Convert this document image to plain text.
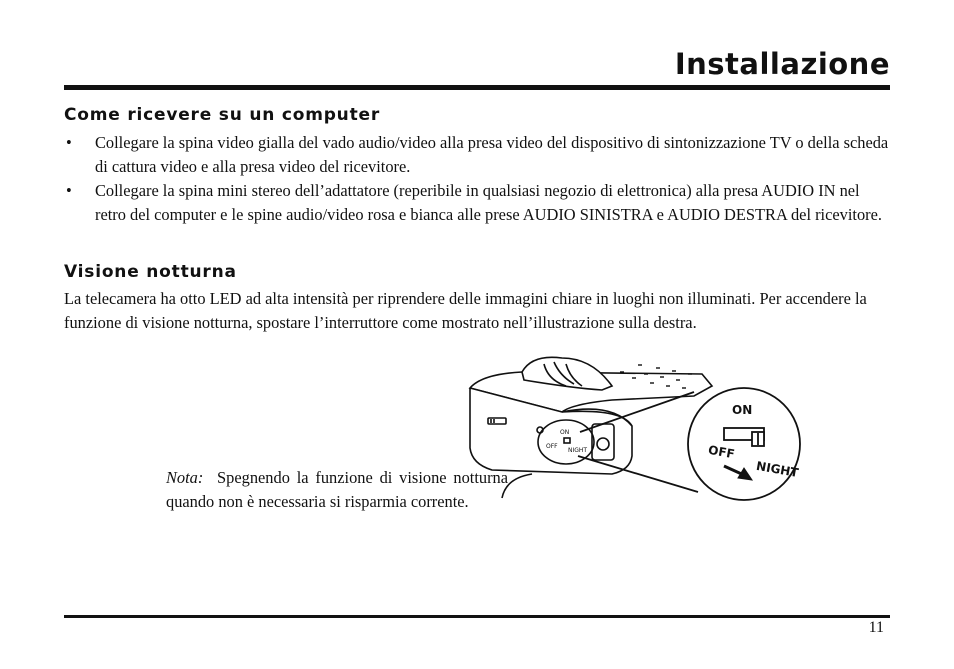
Installazione
Come ricevere su un computer
• Collegare la spina video gialla del vado audio/video alla presa video del dispositivo di sintonizzazione TV o della scheda di cattura video e alla presa video del ricevitore.
• Collegare la spina mini stereo dell’adattatore (reperibile in qualsiasi negozio di elettronica) alla presa AUDIO IN nel retro del computer e le spine audio/video rosa e bianca alle prese AUDIO SINISTRA e AUDIO DESTRA del ricevitore.
Visione notturna

La telecamera ha otto LED ad alta intensità per riprendere delle immagini chiare in luoghi non illuminati. Per accendere la funzione di visione notturna, spostare l’interruttore come mostrato nell’illustrazione sulla destra.

ON
OFF
NIGHT
ON
OFF
NIGHT

Nota: Spegnendo la funzione di visione notturna quando non è necessaria si risparmia corrente.

11
